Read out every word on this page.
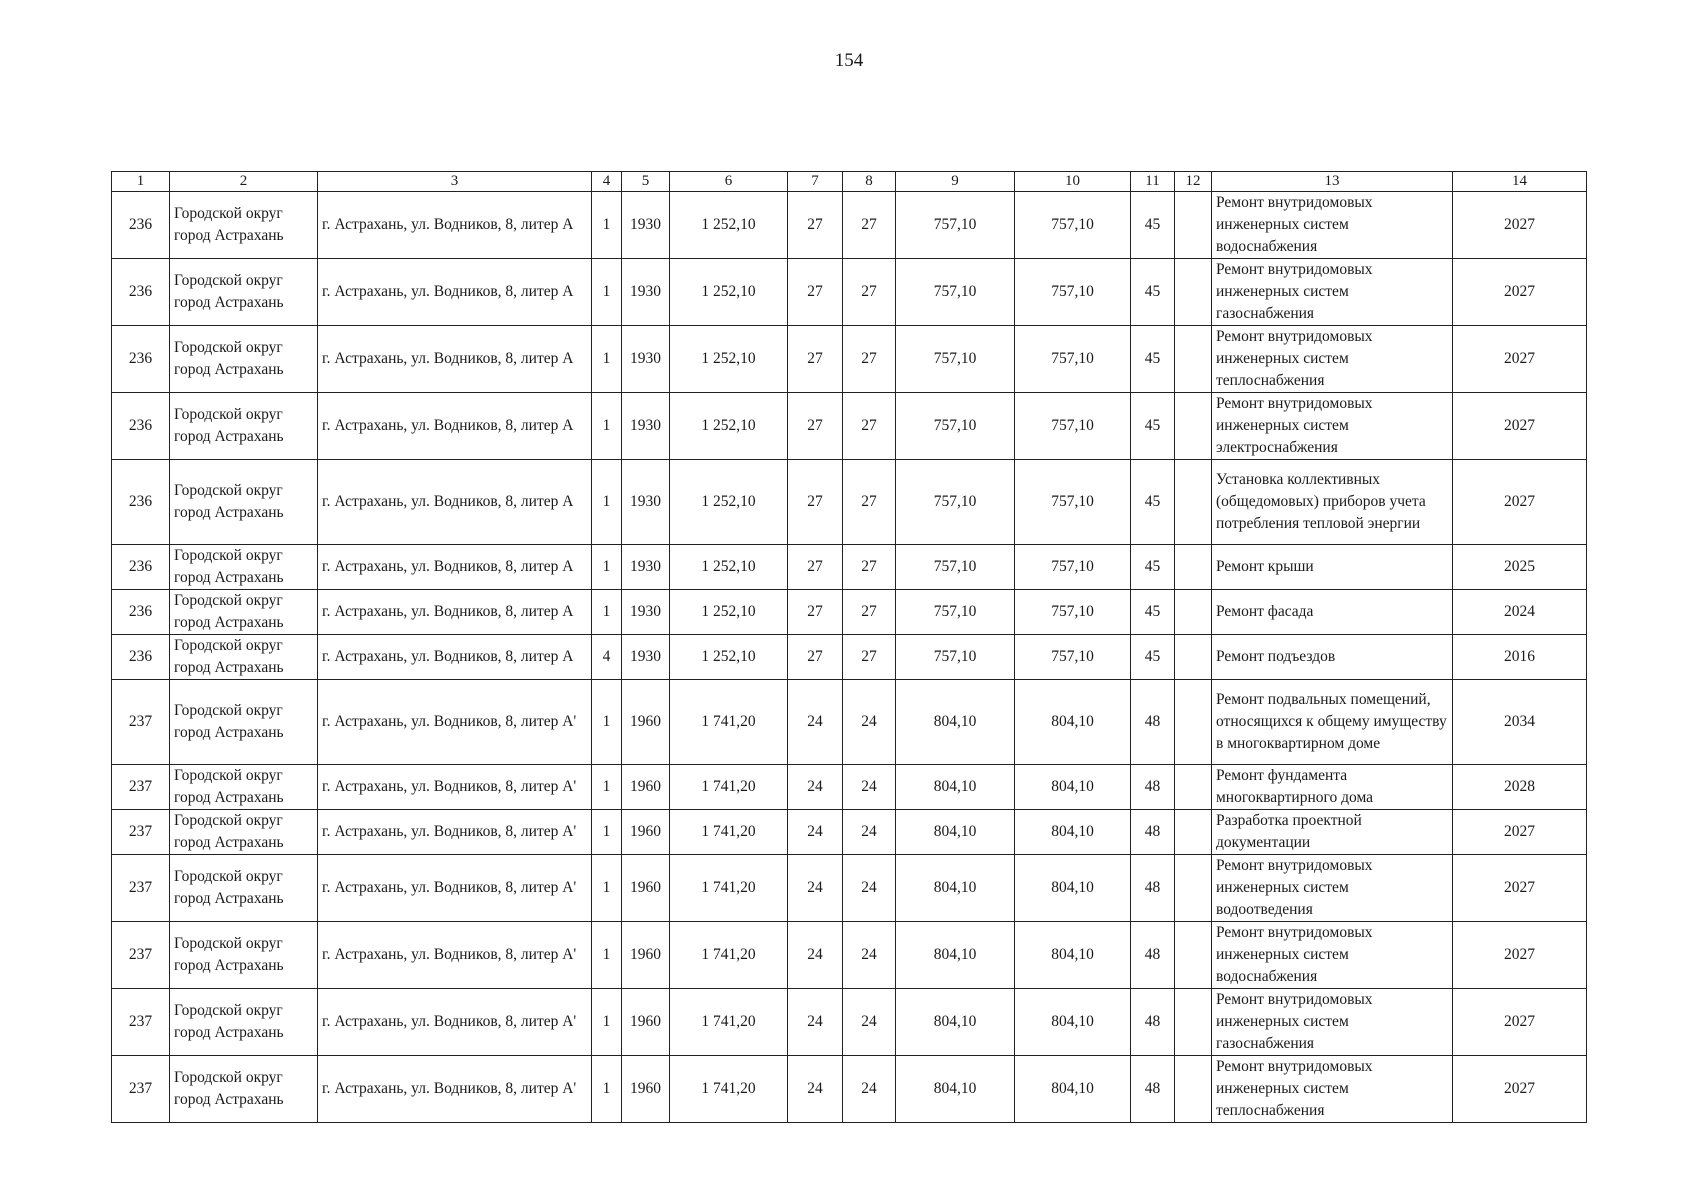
154
1	2	3	4	5	6	7	8	9	10	11	12	13	14
236	Городской округ город Астрахань	г. Астрахань, ул. Водников, 8, литер А	1	1930	1 252,10	27	27	757,10	757,10	45		Ремонт внутридомовых инженерных систем водоснабжения	2027
236	Городской округ город Астрахань	г. Астрахань, ул. Водников, 8, литер А	1	1930	1 252,10	27	27	757,10	757,10	45		Ремонт внутридомовых инженерных систем газоснабжения	2027
236	Городской округ город Астрахань	г. Астрахань, ул. Водников, 8, литер А	1	1930	1 252,10	27	27	757,10	757,10	45		Ремонт внутридомовых инженерных систем теплоснабжения	2027
236	Городской округ город Астрахань	г. Астрахань, ул. Водников, 8, литер А	1	1930	1 252,10	27	27	757,10	757,10	45		Ремонт внутридомовых инженерных систем электроснабжения	2027
236	Городской округ город Астрахань	г. Астрахань, ул. Водников, 8, литер А	1	1930	1 252,10	27	27	757,10	757,10	45		Установка коллективных (общедомовых) приборов учета потребления тепловой энергии	2027
236	Городской округ город Астрахань	г. Астрахань, ул. Водников, 8, литер А	1	1930	1 252,10	27	27	757,10	757,10	45		Ремонт крыши	2025
236	Городской округ город Астрахань	г. Астрахань, ул. Водников, 8, литер А	1	1930	1 252,10	27	27	757,10	757,10	45		Ремонт фасада	2024
236	Городской округ город Астрахань	г. Астрахань, ул. Водников, 8, литер А	4	1930	1 252,10	27	27	757,10	757,10	45		Ремонт подъездов	2016
237	Городской округ город Астрахань	г. Астрахань, ул. Водников, 8, литер А'	1	1960	1 741,20	24	24	804,10	804,10	48		Ремонт подвальных помещений, относящихся к общему имуществу в многоквартирном доме	2034
237	Городской округ город Астрахань	г. Астрахань, ул. Водников, 8, литер А'	1	1960	1 741,20	24	24	804,10	804,10	48		Ремонт фундамента многоквартирного дома	2028
237	Городской округ город Астрахань	г. Астрахань, ул. Водников, 8, литер А'	1	1960	1 741,20	24	24	804,10	804,10	48		Разработка проектной документации	2027
237	Городской округ город Астрахань	г. Астрахань, ул. Водников, 8, литер А'	1	1960	1 741,20	24	24	804,10	804,10	48		Ремонт внутридомовых инженерных систем водоотведения	2027
237	Городской округ город Астрахань	г. Астрахань, ул. Водников, 8, литер А'	1	1960	1 741,20	24	24	804,10	804,10	48		Ремонт внутридомовых инженерных систем водоснабжения	2027
237	Городской округ город Астрахань	г. Астрахань, ул. Водников, 8, литер А'	1	1960	1 741,20	24	24	804,10	804,10	48		Ремонт внутридомовых инженерных систем газоснабжения	2027
237	Городской округ город Астрахань	г. Астрахань, ул. Водников, 8, литер А'	1	1960	1 741,20	24	24	804,10	804,10	48		Ремонт внутридомовых инженерных систем теплоснабжения	2027
